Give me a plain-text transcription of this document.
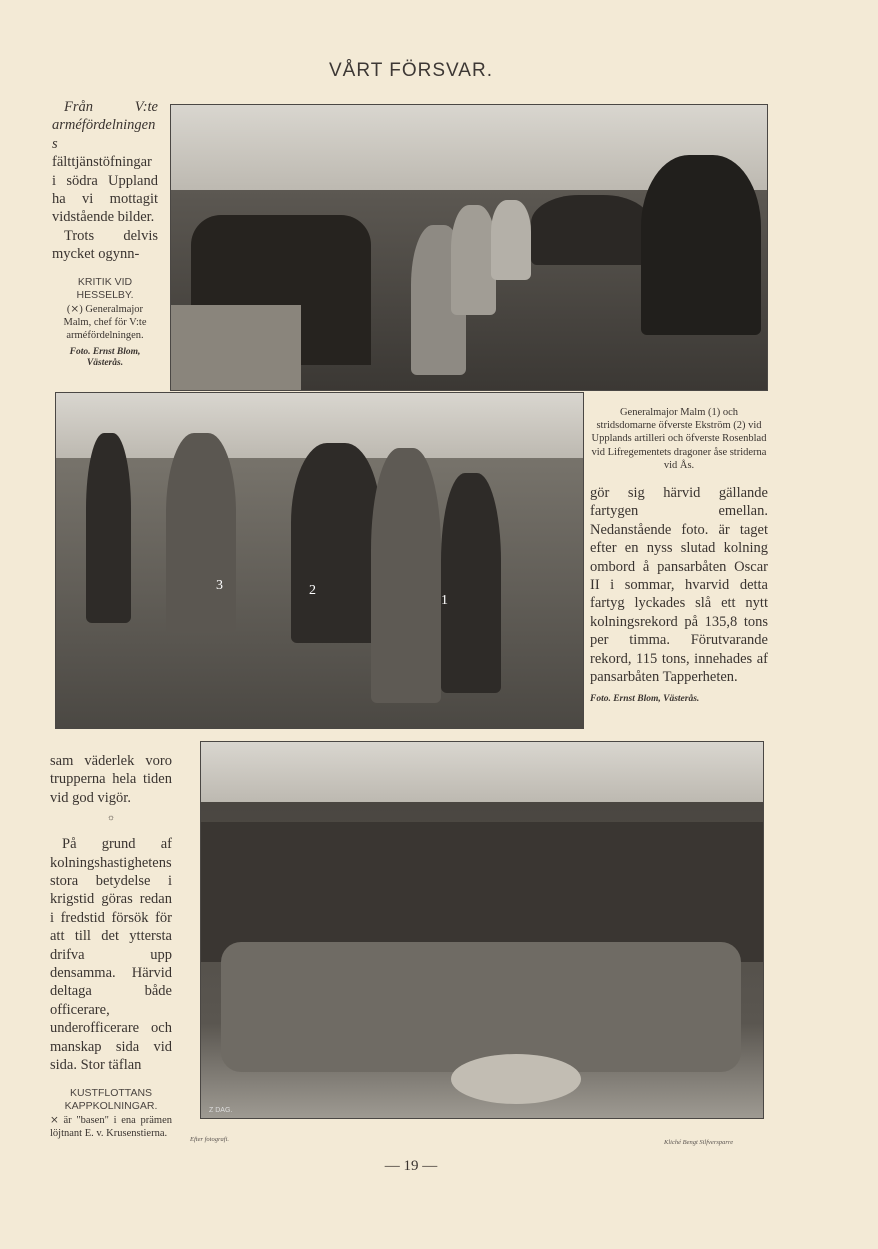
VÅRT FÖRSVAR.

Från V:te arméfördelningens fälttjänstöfningar i södra Uppland ha vi mottagit vidstående bilder.

Trots delvis mycket ogynn-

KRITIK VID HESSELBY.
(⨯) Generalmajor Malm, chef för V:te arméfördelningen.
Foto. Ernst Blom, Västerås.
3	2
1
Generalmajor Malm (1) och stridsdomarne öfverste Ekström (2) vid Upplands artilleri och öfverste Rosenblad vid Lifregementets dragoner åse striderna vid Ås.
gör sig härvid gällande fartygen emellan. Nedanstående foto. är taget efter en nyss slutad kolning ombord å pansarbåten Oscar II i sommar, hvarvid detta fartyg lyckades slå ett nytt kolningsrekord på 135,8 tons per timma. Förutvarande rekord, 115 tons, innehades af pansarbåten Tapperheten.
Foto. Ernst Blom, Västerås.

sam väderlek voro trupperna hela tiden vid god vigör.

☼

På grund af kolningshastighetens stora betydelse i krigstid göras redan i fredstid försök för att till det yttersta drifva upp densamma. Härvid deltaga både officerare, underofficerare och manskap sida vid sida. Stor täflan

KUSTFLOTTANS KAPPKOLNINGAR.
⨯ är "basen" i ena prämen löjtnant E. v. Krusenstierna.
Z DAG.
Efter fotografi.	Kliché Bengt Silfversparre
— 19 —
